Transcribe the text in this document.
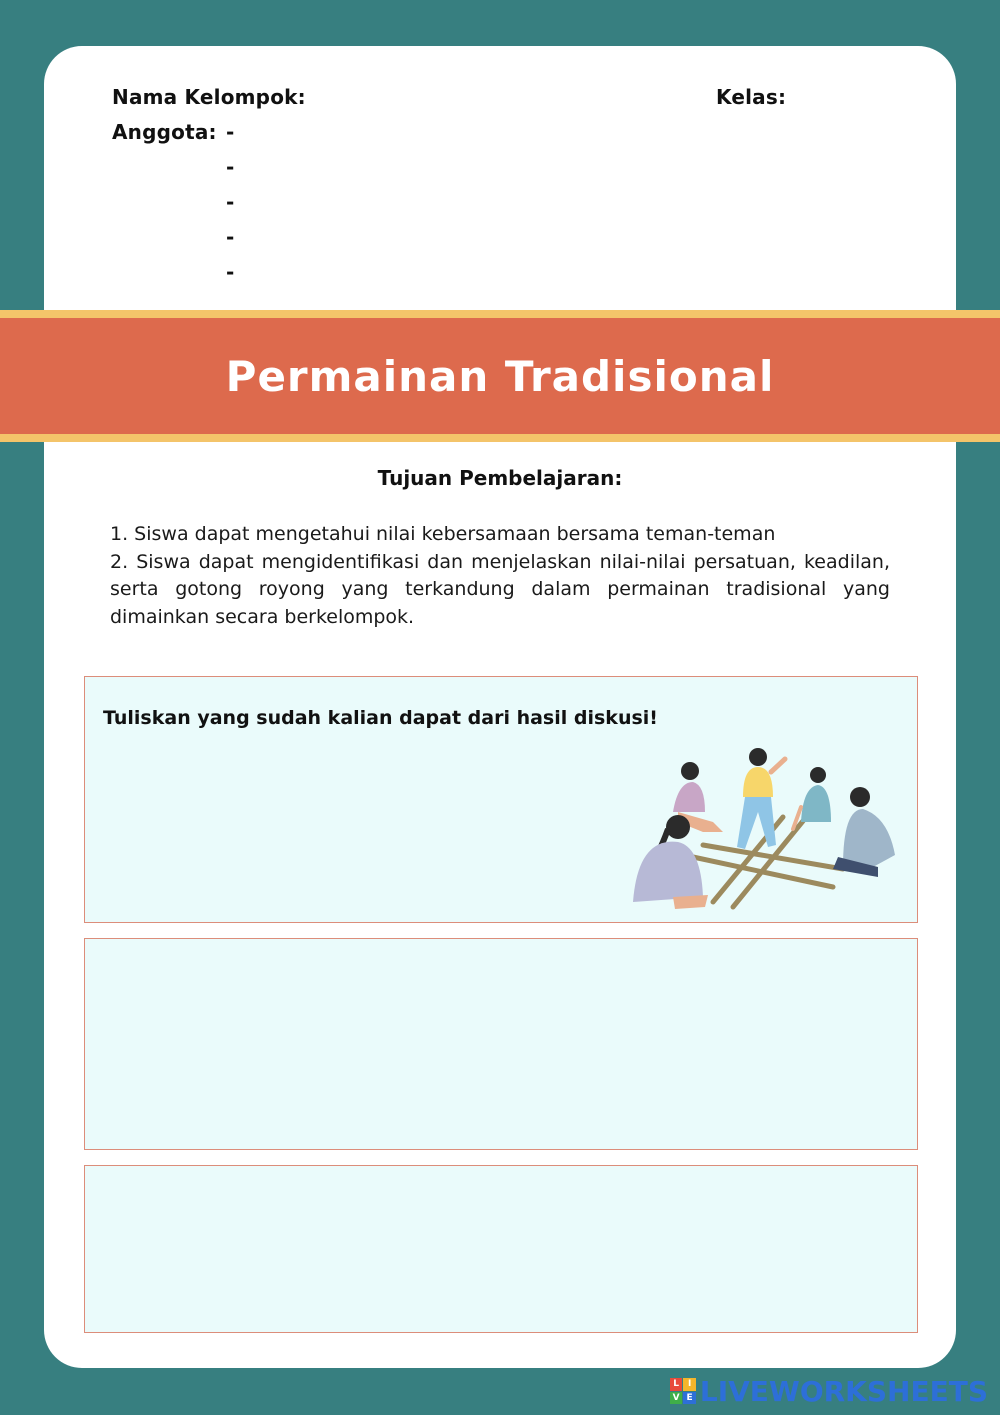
Nama Kelompok:	Kelas:
Anggota: -
-
-
-
-
Permainan Tradisional
Tujuan Pembelajaran:

1. Siswa dapat mengetahui nilai kebersamaan bersama teman-teman

2. Siswa dapat mengidentifikasi dan menjelaskan nilai-nilai persatuan, keadilan, serta gotong royong yang terkandung dalam permainan tradisional yang dimainkan secara berkelompok.

Tuliskan yang sudah kalian dapat dari hasil diskusi!
L I
V E LIVEWORKSHEETS
